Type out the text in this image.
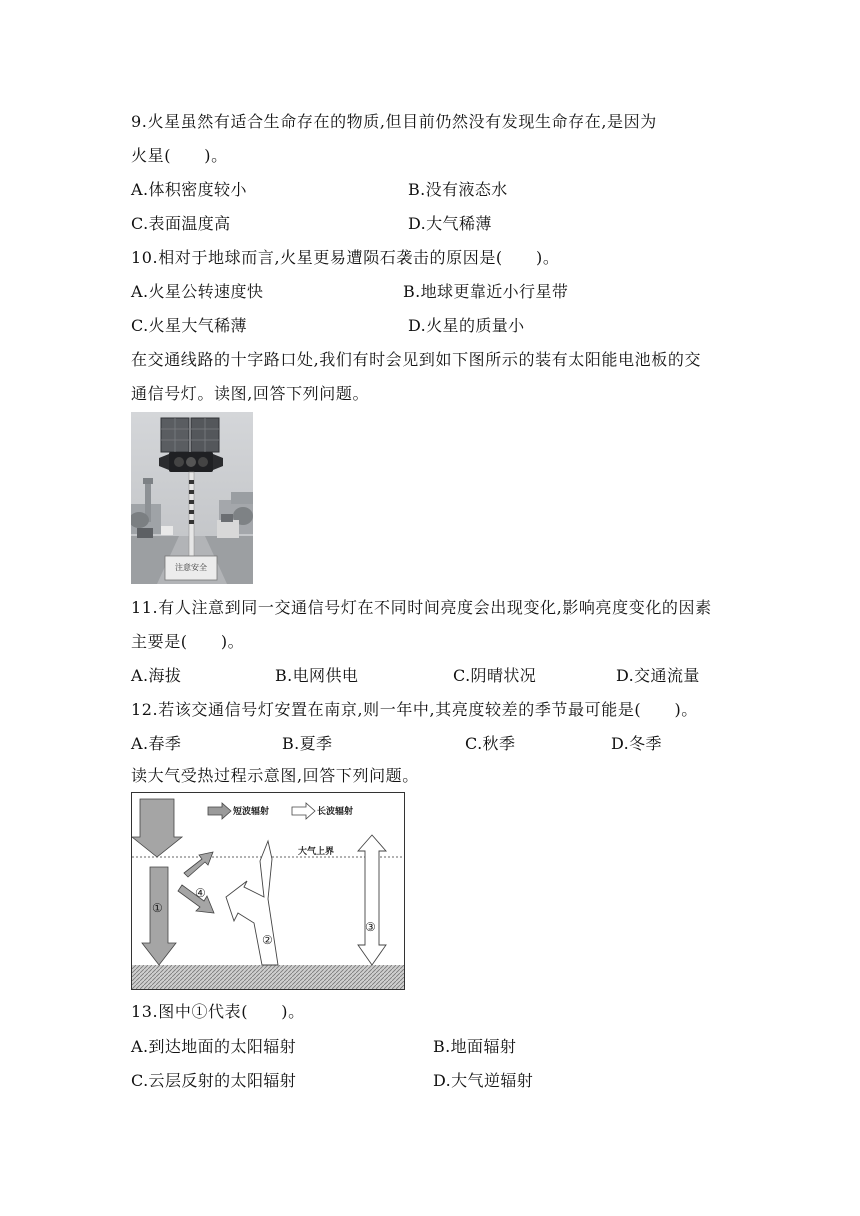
9.火星虽然有适合生命存在的物质,但目前仍然没有发现生命存在,是因为
火星(　　)。
A.体积密度较小	B.没有液态水
C.表面温度高	D.大气稀薄
10.相对于地球而言,火星更易遭陨石袭击的原因是(　　)。
A.火星公转速度快	B.地球更靠近小行星带
C.火星大气稀薄	D.火星的质量小
在交通线路的十字路口处,我们有时会见到如下图所示的装有太阳能电池板的交
通信号灯。读图,回答下列问题。
注意安全
11.有人注意到同一交通信号灯在不同时间亮度会出现变化,影响亮度变化的因素
主要是(　　)。
A.海拔	B.电网供电	C.阴晴状况	D.交通流量
12.若该交通信号灯安置在南京,则一年中,其亮度较差的季节最可能是(　　)。
A.春季	B.夏季	C.秋季	D.冬季
读大气受热过程示意图,回答下列问题。
短波辐射	长波辐射
大气上界
①
②
③
④
13.图中①代表(　　)。
A.到达地面的太阳辐射	B.地面辐射
C.云层反射的太阳辐射	D.大气逆辐射
